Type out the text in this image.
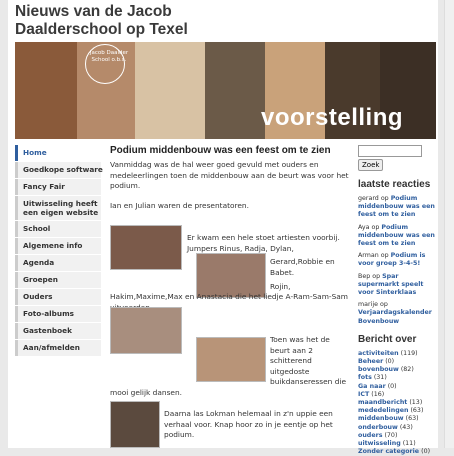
Nieuws van de Jacob
Daalderschool op Texel
Jacob Daalder School o.b.s.
voorstelling
Home
Goedkope software
Fancy Fair
Uitwisseling heeft een eigen website
School
Algemene info
Agenda
Groepen
Ouders
Foto-albums
Gastenboek
Aan/afmelden
Podium middenbouw was een feest om te zien

Vanmiddag was de hal weer goed gevuld met ouders en medeleerlingen toen de middenbouw aan de beurt was voor het podium.

Ian en Julian waren de presentatoren.

Er kwam een hele stoet artiesten voorbij. Jumpers Rinus, Radja, Dylan,
Gerard,Robbie en Babet.
Rojin,
Hakim,Maxime,Max en Anastacia die het liedje A-Ram-Sam-Sam
Toen was het de beurt aan 2 schitterend uitgedoste buikdanseressen die
mooi gelijk dansen.
Daarna las Lokman helemaal in z'n uppie een verhaal voor. Knap hoor zo in je eentje op het podium.
Zoek
laatste reacties
gerard op Podium middenbouw was een feest om te zien
Aya op Podium middenbouw was een feest om te zien
Arman op Podium is voor groep 3-4-5!
Bep op Spar supermarkt speelt voor Sinterklaas
marije op Verjaardagskalender Bovenbouw
Bericht over
activiteiten (119)
Beheer (0)
bovenbouw (82)
fots (31)
Ga naar (0)
ICT (16)
maandbericht (13)
mededelingen (63)
middenbouw (63)
onderbouw (43)
ouders (70)
uitwisseling (11)
Zonder categorie (0)
